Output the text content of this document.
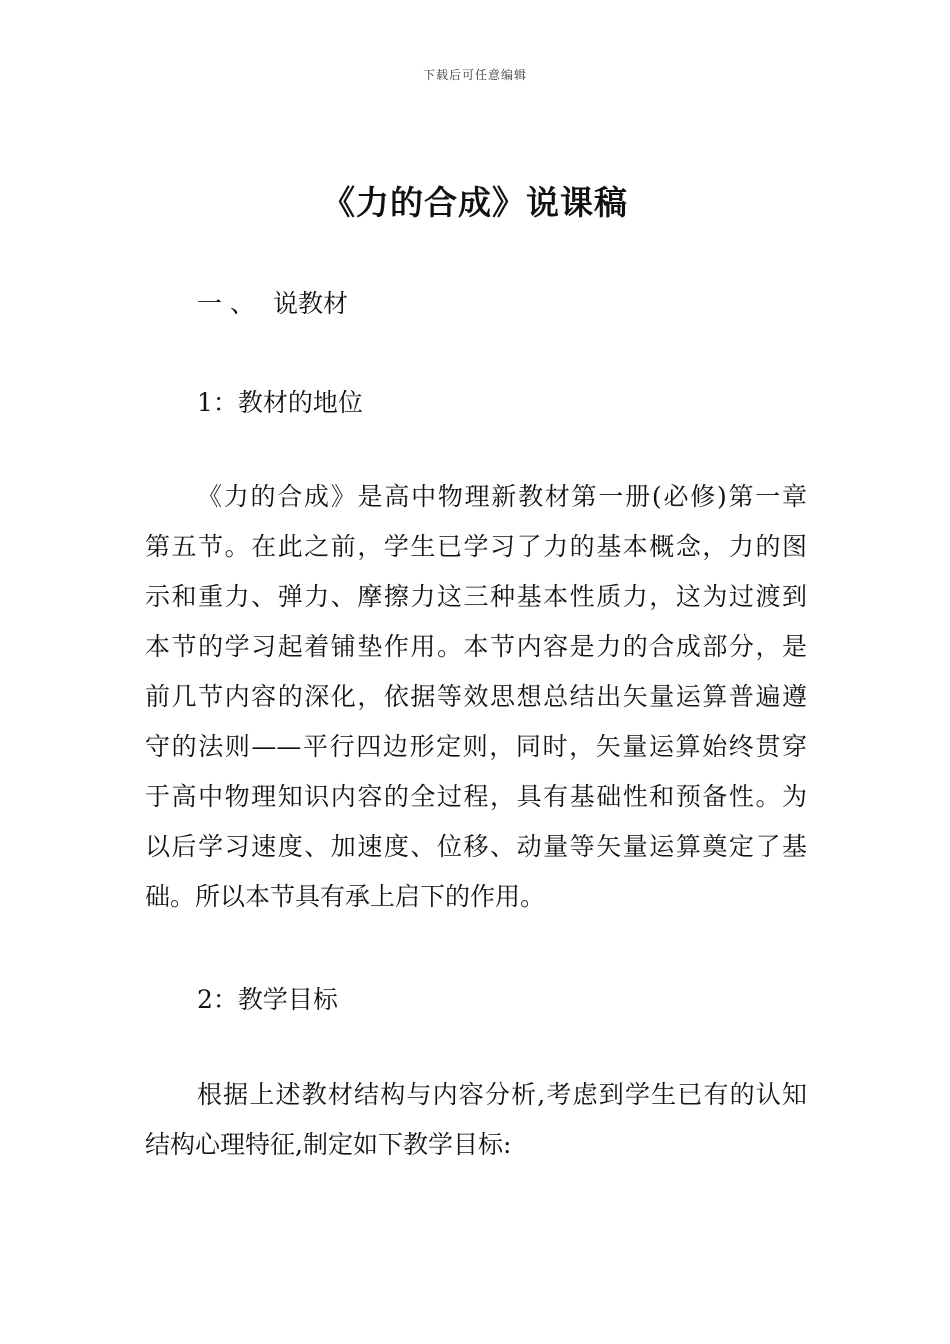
下载后可任意编辑
《力的合成》说课稿
一 、 说教材
1：教材的地位
《力的合成》是高中物理新教材第一册(必修)第一章
第五节。在此之前，学生已学习了力的基本概念，力的图
示和重力、弹力、摩擦力这三种基本性质力，这为过渡到
本节的学习起着铺垫作用。本节内容是力的合成部分，是
前几节内容的深化，依据等效思想总结出矢量运算普遍遵
守的法则——平行四边形定则，同时，矢量运算始终贯穿
于高中物理知识内容的全过程，具有基础性和预备性。为
以后学习速度、加速度、位移、动量等矢量运算奠定了基
础。所以本节具有承上启下的作用。
2：教学目标
根据上述教材结构与内容分析,考虑到学生已有的认知
结构心理特征,制定如下教学目标:
